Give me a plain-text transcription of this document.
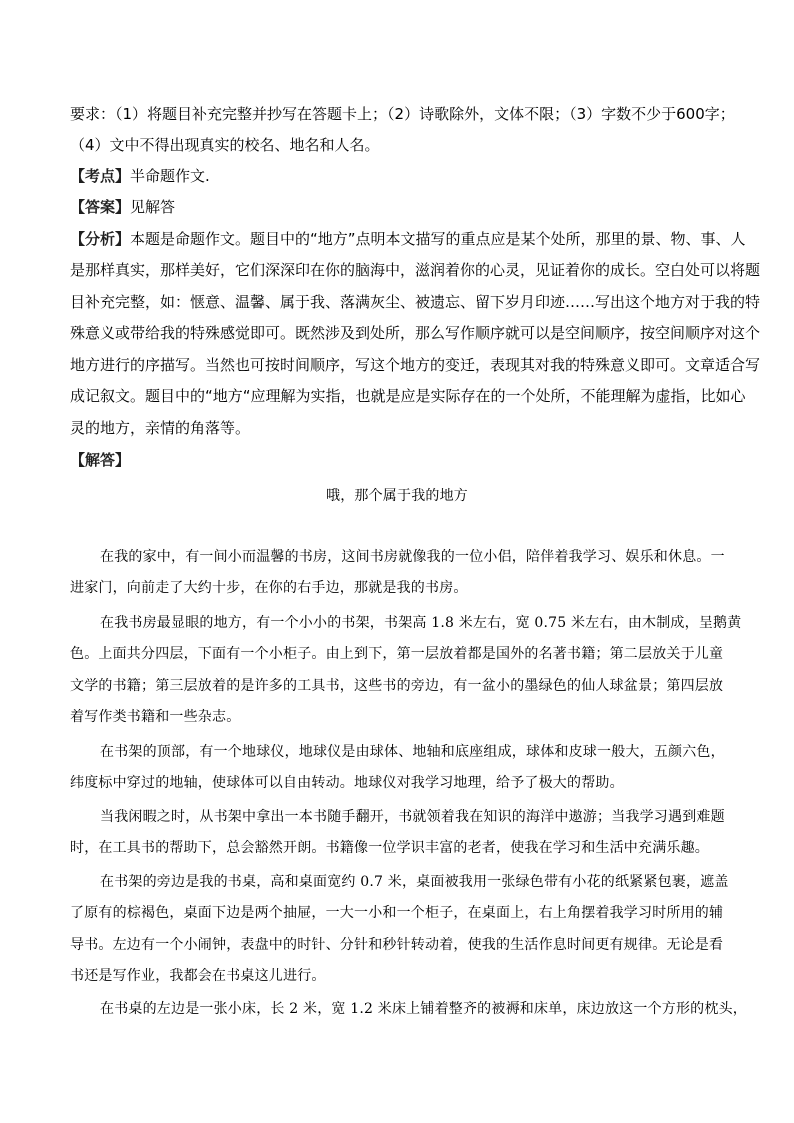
要求：（1）将题目补充完整并抄写在答题卡上；（2）诗歌除外，文体不限；（3）字数不少于600字；
（4）文中不得出现真实的校名、地名和人名。
【考点】半命题作文.
【答案】见解答
【分析】本题是命题作文。题目中的“地方”点明本文描写的重点应是某个处所，那里的景、物、事、人
是那样真实，那样美好，它们深深印在你的脑海中，滋润着你的心灵，见证着你的成长。空白处可以将题
目补充完整，如：惬意、温馨、属于我、落满灰尘、被遗忘、留下岁月印迹……写出这个地方对于我的特
殊意义或带给我的特殊感觉即可。既然涉及到处所，那么写作顺序就可以是空间顺序，按空间顺序对这个
地方进行的序描写。当然也可按时间顺序，写这个地方的变迁，表现其对我的特殊意义即可。文章适合写
成记叙文。题目中的“地方“应理解为实指，也就是应是实际存在的一个处所，不能理解为虚指，比如心
灵的地方，亲情的角落等。
【解答】
哦，那个属于我的地方
在我的家中，有一间小而温馨的书房，这间书房就像我的一位小侣，陪伴着我学习、娱乐和休息。一
进家门，向前走了大约十步，在你的右手边，那就是我的书房。
在我书房最显眼的地方，有一个小小的书架，书架高 1.8 米左右，宽 0.75 米左右，由木制成，呈鹅黄
色。上面共分四层，下面有一个小柜子。由上到下，第一层放着都是国外的名著书籍；第二层放关于儿童
文学的书籍；第三层放着的是许多的工具书，这些书的旁边，有一盆小的墨绿色的仙人球盆景；第四层放
着写作类书籍和一些杂志。
在书架的顶部，有一个地球仪，地球仪是由球体、地轴和底座组成，球体和皮球一般大，五颜六色，
纬度标中穿过的地轴，使球体可以自由转动。地球仪对我学习地理，给予了极大的帮助。
当我闲暇之时，从书架中拿出一本书随手翻开，书就领着我在知识的海洋中遨游；当我学习遇到难题
时，在工具书的帮助下，总会豁然开朗。书籍像一位学识丰富的老者，使我在学习和生活中充满乐趣。
在书架的旁边是我的书桌，高和桌面宽约 0.7 米，桌面被我用一张绿色带有小花的纸紧紧包裹，遮盖
了原有的棕褐色，桌面下边是两个抽屉，一大一小和一个柜子，在桌面上，右上角摆着我学习时所用的辅
导书。左边有一个小闹钟，表盘中的时针、分针和秒针转动着，使我的生活作息时间更有规律。无论是看
书还是写作业，我都会在书桌这儿进行。
在书桌的左边是一张小床，长 2 米，宽 1.2 米床上铺着整齐的被褥和床单，床边放这一个方形的枕头，
